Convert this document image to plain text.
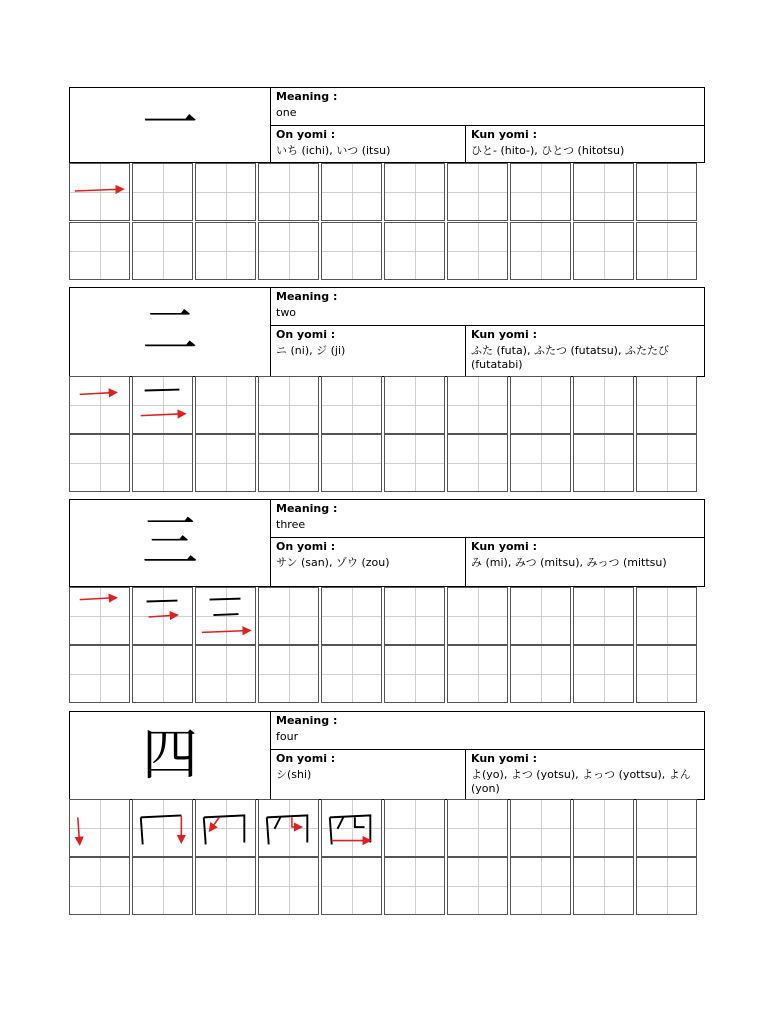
一	Meaning :
one
On yomi :
いち (ichi), いつ (itsu)
Kun yomi :
ひと- (hito-), ひとつ (hitotsu)
二
Meaning :
two
On yomi :
ニ (ni), ジ (ji)
Kun yomi :
ふた (futa), ふたつ (futatsu), ふたたび (futatabi)
三
Meaning :
three
On yomi :
サン (san), ゾウ (zou)
Kun yomi :
み (mi), みつ (mitsu), みっつ (mittsu)
四
Meaning :
four
On yomi :
シ(shi)
Kun yomi :
よ(yo), よつ (yotsu), よっつ (yottsu), よん (yon)
